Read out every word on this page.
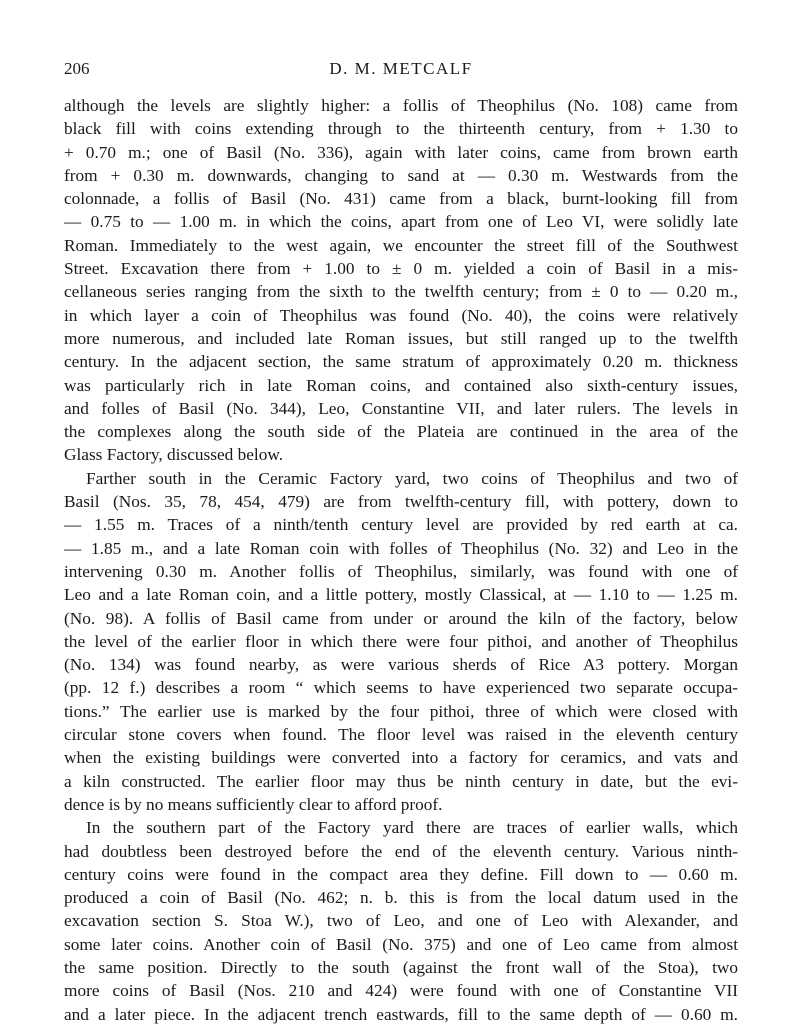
206	D. M. METCALF
although the levels are slightly higher: a follis of Theophilus (No. 108) came from
black fill with coins extending through to the thirteenth century, from + 1.30 to
+ 0.70 m.; one of Basil (No. 336), again with later coins, came from brown earth
from + 0.30 m. downwards, changing to sand at — 0.30 m. Westwards from the
colonnade, a follis of Basil (No. 431) came from a black, burnt-looking fill from
— 0.75 to — 1.00 m. in which the coins, apart from one of Leo VI, were solidly late
Roman. Immediately to the west again, we encounter the street fill of the Southwest
Street. Excavation there from + 1.00 to ± 0 m. yielded a coin of Basil in a mis-
cellaneous series ranging from the sixth to the twelfth century; from ± 0 to — 0.20 m.,
in which layer a coin of Theophilus was found (No. 40), the coins were relatively
more numerous, and included late Roman issues, but still ranged up to the twelfth
century. In the adjacent section, the same stratum of approximately 0.20 m. thickness
was particularly rich in late Roman coins, and contained also sixth-century issues,
and folles of Basil (No. 344), Leo, Constantine VII, and later rulers. The levels in
the complexes along the south side of the Plateia are continued in the area of the
Glass Factory, discussed below.
Farther south in the Ceramic Factory yard, two coins of Theophilus and two of
Basil (Nos. 35, 78, 454, 479) are from twelfth-century fill, with pottery, down to
— 1.55 m. Traces of a ninth/tenth century level are provided by red earth at ca.
— 1.85 m., and a late Roman coin with folles of Theophilus (No. 32) and Leo in the
intervening 0.30 m. Another follis of Theophilus, similarly, was found with one of
Leo and a late Roman coin, and a little pottery, mostly Classical, at — 1.10 to — 1.25 m.
(No. 98). A follis of Basil came from under or around the kiln of the factory, below
the level of the earlier floor in which there were four pithoi, and another of Theophilus
(No. 134) was found nearby, as were various sherds of Rice A3 pottery. Morgan
(pp. 12 f.) describes a room “ which seems to have experienced two separate occupa-
tions.” The earlier use is marked by the four pithoi, three of which were closed with
circular stone covers when found. The floor level was raised in the eleventh century
when the existing buildings were converted into a factory for ceramics, and vats and
a kiln constructed. The earlier floor may thus be ninth century in date, but the evi-
dence is by no means sufficiently clear to afford proof.
In the southern part of the Factory yard there are traces of earlier walls, which
had doubtless been destroyed before the end of the eleventh century. Various ninth-
century coins were found in the compact area they define. Fill down to — 0.60 m.
produced a coin of Basil (No. 462; n. b. this is from the local datum used in the
excavation section S. Stoa W.), two of Leo, and one of Leo with Alexander, and
some later coins. Another coin of Basil (No. 375) and one of Leo came from almost
the same position. Directly to the south (against the front wall of the Stoa), two
more coins of Basil (Nos. 210 and 424) were found with one of Constantine VII
and a later piece. In the adjacent trench eastwards, fill to the same depth of — 0.60 m.
